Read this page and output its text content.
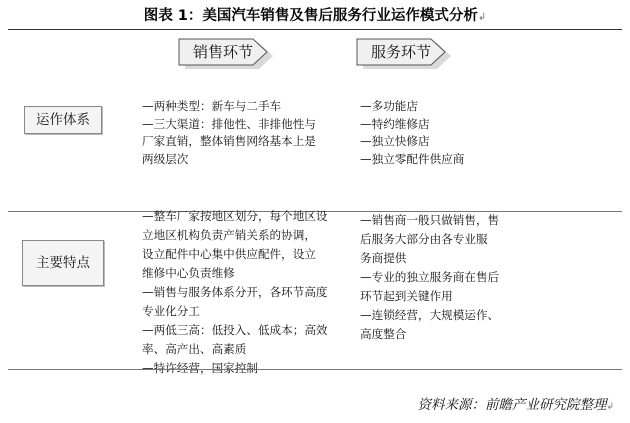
图表 1：美国汽车销售及售后服务行业运作模式分析↲
销售环节	服务环节
运作体系
—两种类型：新车与二手车
—三大渠道：排他性、非排他性与
厂家直销，整体销售网络基本上是
两级层次
—多功能店
—特约维修店
—独立快修店
—独立零配件供应商
主要特点
—整车厂家按地区划分，每个地区设
立地区机构负责产销关系的协调，
设立配件中心集中供应配件，设立
维修中心负责维修
—销售与服务体系分开，各环节高度
专业化分工
—两低三高：低投入、低成本；高效
率、高产出、高素质
—特许经营，国家控制
—销售商一般只做销售，售
后服务大部分由各专业服
务商提供
—专业的独立服务商在售后
环节起到关键作用
—连锁经营，大规模运作、
高度整合
资料来源：前瞻产业研究院整理↲
